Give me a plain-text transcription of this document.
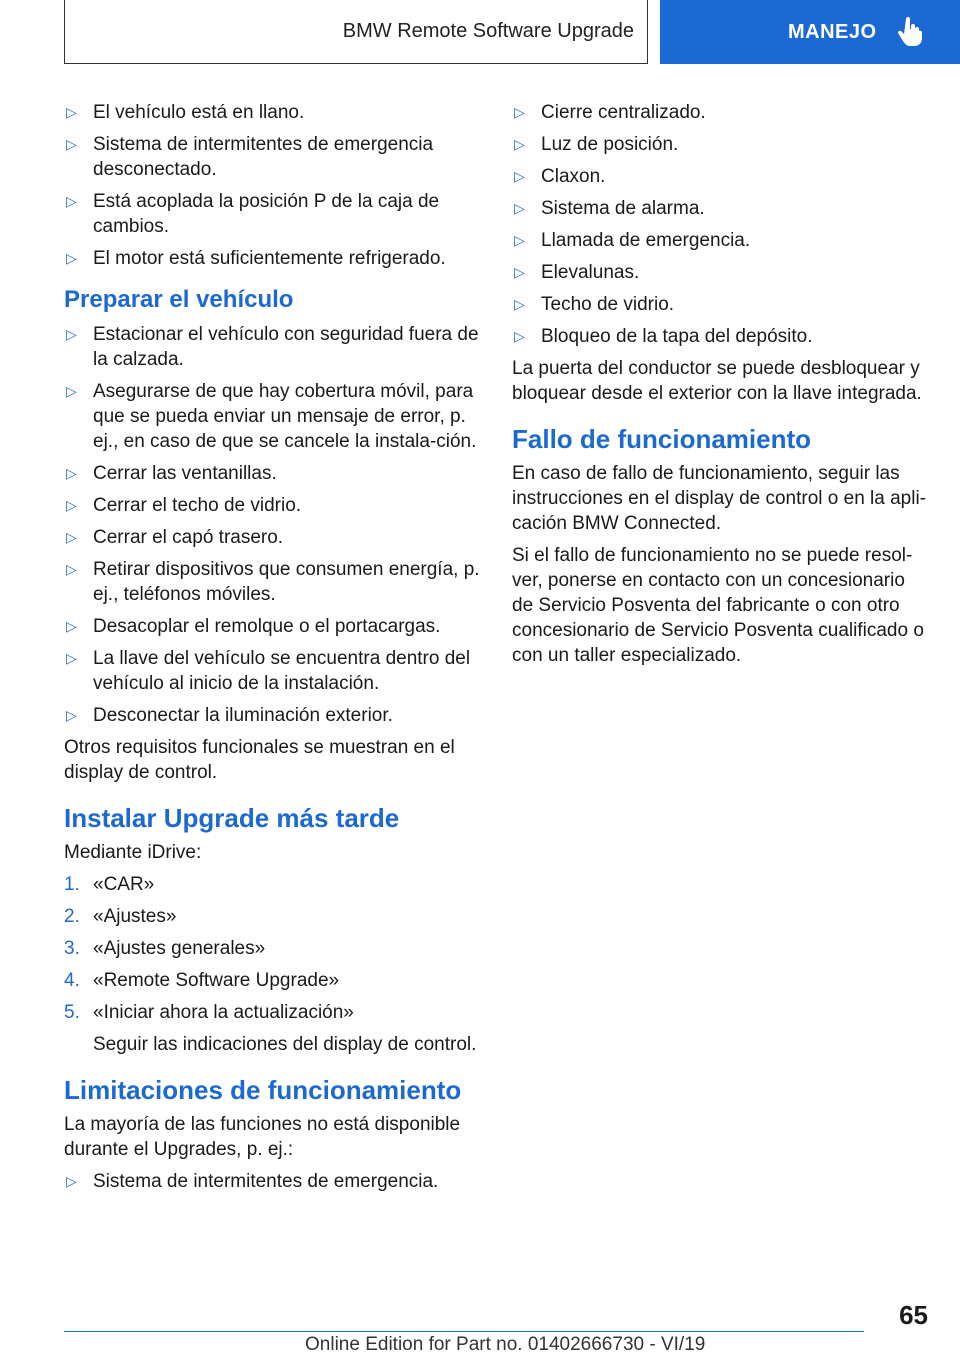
BMW Remote Software Upgrade	MANEJO
▷ El vehículo está en llano.
▷ Sistema de intermitentes de emergencia desconectado.
▷ Está acoplada la posición P de la caja de cambios.
▷ El motor está suficientemente refrigerado.
Preparar el vehículo
▷ Estacionar el vehículo con seguridad fuera de la calzada.
▷ Asegurarse de que hay cobertura móvil, para que se pueda enviar un mensaje de error, p. ej., en caso de que se cancele la instala‐ción.
▷ Cerrar las ventanillas.
▷ Cerrar el techo de vidrio.
▷ Cerrar el capó trasero.
▷ Retirar dispositivos que consumen energía, p. ej., teléfonos móviles.
▷ Desacoplar el remolque o el portacargas.
▷ La llave del vehículo se encuentra dentro del vehículo al inicio de la instalación.
▷ Desconectar la iluminación exterior.

Otros requisitos funcionales se muestran en el display de control.

Instalar Upgrade más tarde

Mediante iDrive:

1. «CAR»
2. «Ajustes»
3. «Ajustes generales»
4. «Remote Software Upgrade»
5. «Iniciar ahora la actualización»
Seguir las indicaciones del display de control.
Limitaciones de funcionamiento

La mayoría de las funciones no está disponible durante el Upgrades, p. ej.:

▷ Sistema de intermitentes de emergencia.
▷ Cierre centralizado.
▷ Luz de posición.
▷ Claxon.
▷ Sistema de alarma.
▷ Llamada de emergencia.
▷ Elevalunas.
▷ Techo de vidrio.
▷ Bloqueo de la tapa del depósito.

La puerta del conductor se puede desbloquear y bloquear desde el exterior con la llave integrada.

Fallo de funcionamiento

En caso de fallo de funcionamiento, seguir las instrucciones en el display de control o en la apli‐cación BMW Connected.

Si el fallo de funcionamiento no se puede resol‐ver, ponerse en contacto con un concesionario de Servicio Posventa del fabricante o con otro concesionario de Servicio Posventa cualificado o con un taller especializado.

65
Online Edition for Part no. 01402666730 - VI/19
